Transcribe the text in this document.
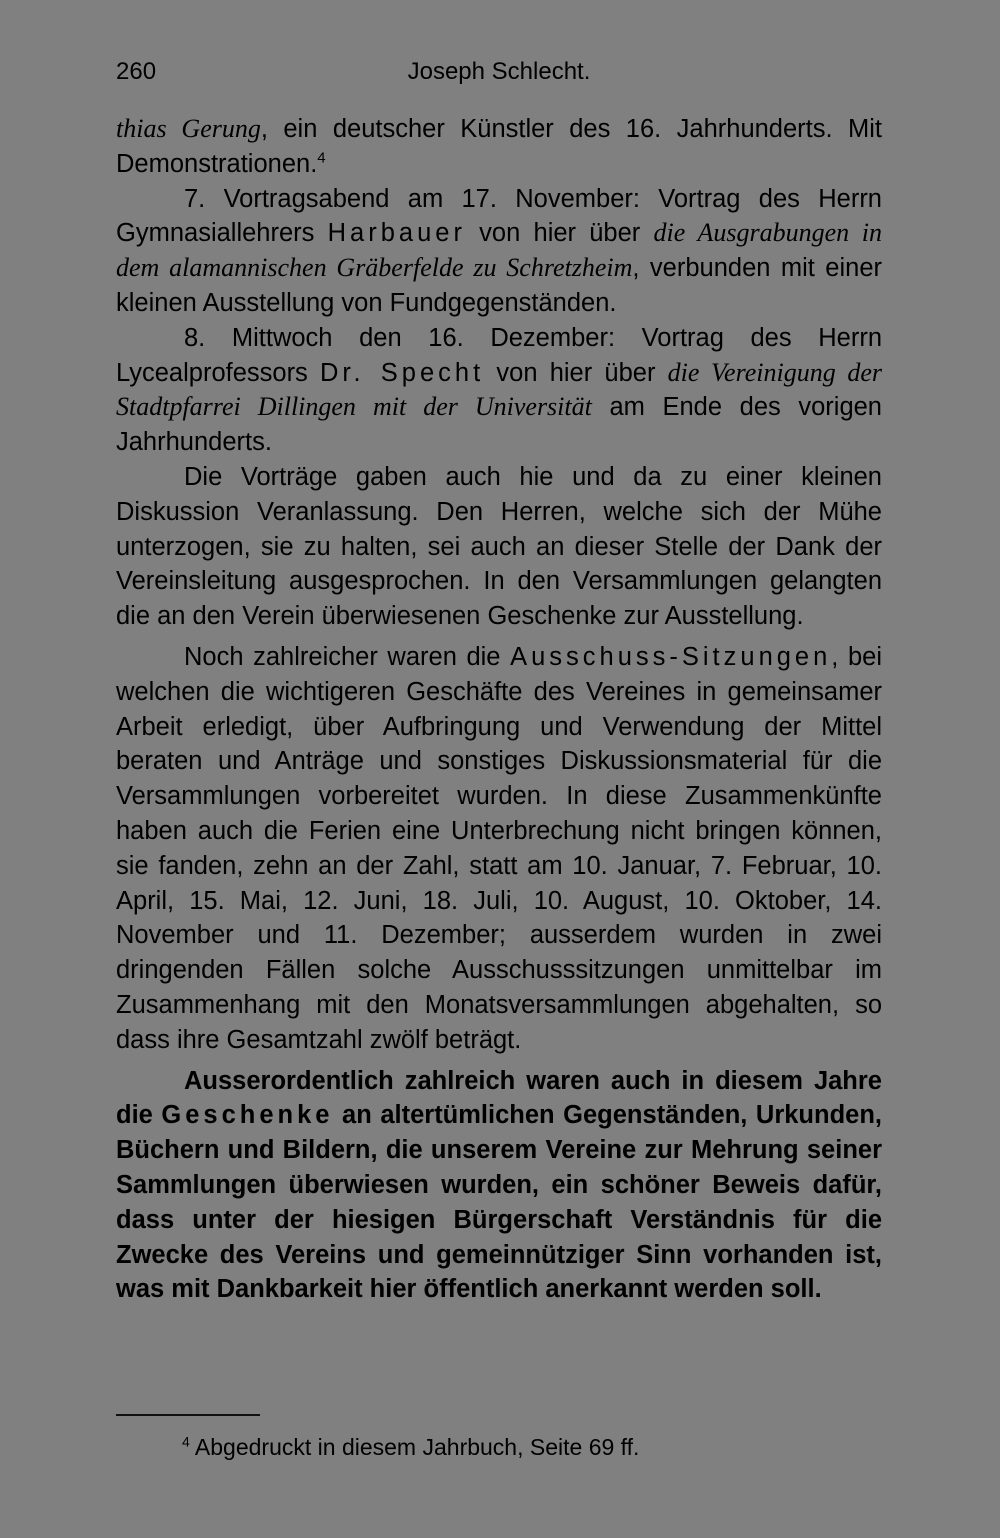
260	Joseph Schlecht.

thias Gerung, ein deutscher Künstler des 16. Jahrhunderts. Mit Demonstrationen.$^4$

7. Vortragsabend am 17. November: Vortrag des Herrn Gymnasiallehrers Harbauer von hier über die Ausgrabungen in dem alamannischen Gräberfelde zu Schretzheim, verbunden mit einer kleinen Ausstellung von Fundgegenständen.

8. Mittwoch den 16. Dezember: Vortrag des Herrn Lycealprofessors Dr. Specht von hier über die Vereinigung der Stadtpfarrei Dillingen mit der Universität am Ende des vorigen Jahrhunderts.

Die Vorträge gaben auch hie und da zu einer kleinen Diskussion Veranlassung. Den Herren, welche sich der Mühe unterzogen, sie zu halten, sei auch an dieser Stelle der Dank der Vereinsleitung ausgesprochen. In den Versammlungen gelangten die an den Verein überwiesenen Geschenke zur Ausstellung.

Noch zahlreicher waren die Ausschuss-Sitzungen, bei welchen die wichtigeren Geschäfte des Vereines in gemeinsamer Arbeit erledigt, über Aufbringung und Verwendung der Mittel beraten und Anträge und sonstiges Diskussionsmaterial für die Versammlungen vorbereitet wurden. In diese Zusammenkünfte haben auch die Ferien eine Unterbrechung nicht bringen können, sie fanden, zehn an der Zahl, statt am 10. Januar, 7. Februar, 10. April, 15. Mai, 12. Juni, 18. Juli, 10. August, 10. Oktober, 14. November und 11. Dezember; ausserdem wurden in zwei dringenden Fällen solche Ausschusssitzungen unmittelbar im Zusammenhang mit den Monatsversammlungen abgehalten, so dass ihre Gesamtzahl zwölf beträgt.

Ausserordentlich zahlreich waren auch in diesem Jahre die Geschenke an altertümlichen Gegenständen, Urkunden, Büchern und Bildern, die unserem Vereine zur Mehrung seiner Sammlungen überwiesen wurden, ein schöner Beweis dafür, dass unter der hiesigen Bürgerschaft Verständnis für die Zwecke des Vereins und gemeinnütziger Sinn vorhanden ist, was mit Dankbarkeit hier öffentlich anerkannt werden soll.

$^4$ Abgedruckt in diesem Jahrbuch, Seite 69 ff.
